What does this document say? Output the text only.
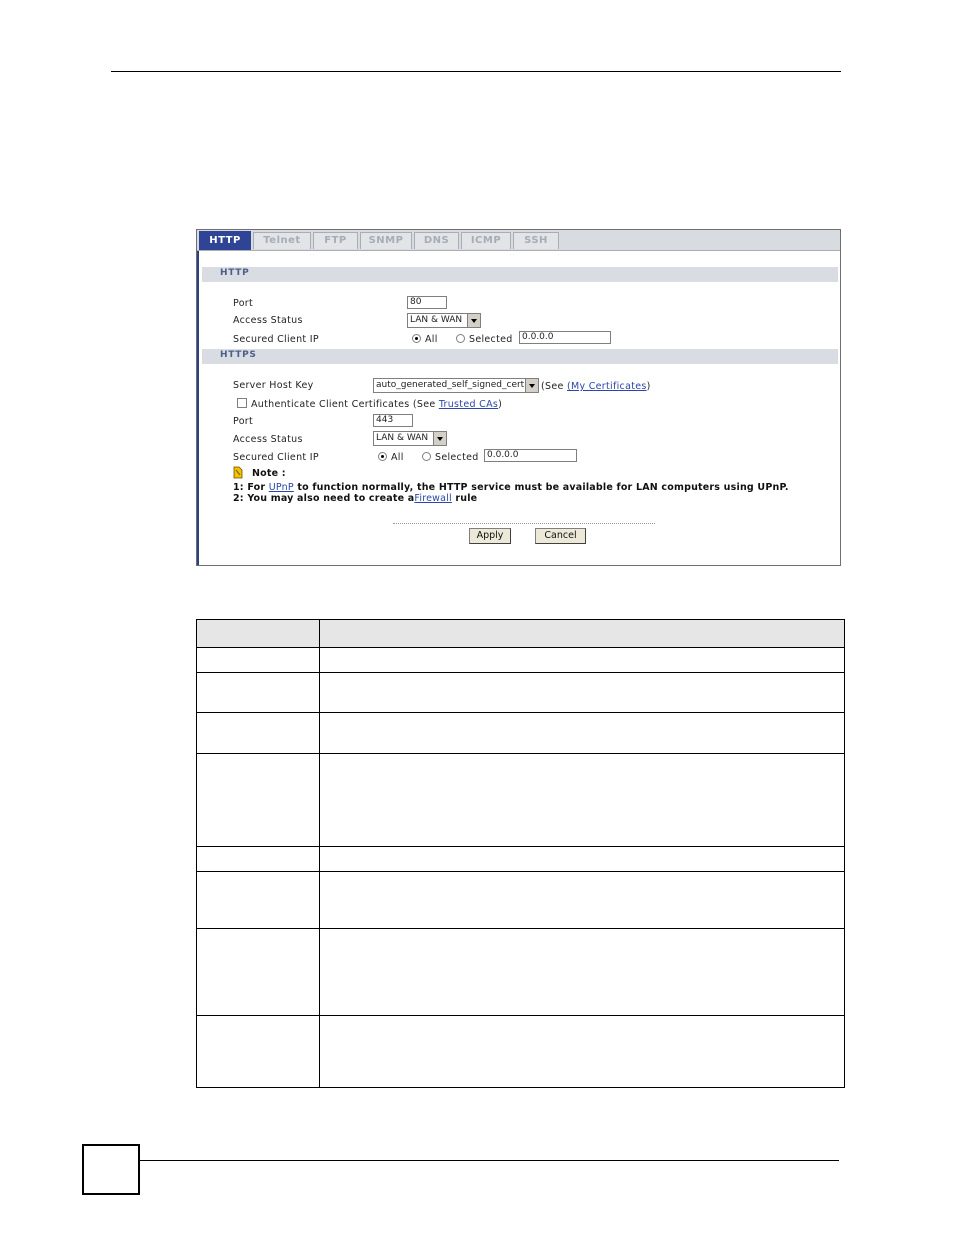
HTTP	Telnet	FTP	SNMP	DNS	ICMP	SSH
HTTP
Port	80
Access Status	LAN & WAN
Secured Client IP	All	Selected	0.0.0.0
HTTPS
Server Host Key	auto_generated_self_signed_cert	(See (My Certificates)
Authenticate Client Certificates (See Trusted CAs)
Port	443
Access Status	LAN & WAN
Secured Client IP	All	Selected 0.0.0.0
Note :
1: For UPnP to function normally, the HTTP service must be available for LAN computers using UPnP.
2: You may also need to create aFirewall rule
Apply	Cancel
